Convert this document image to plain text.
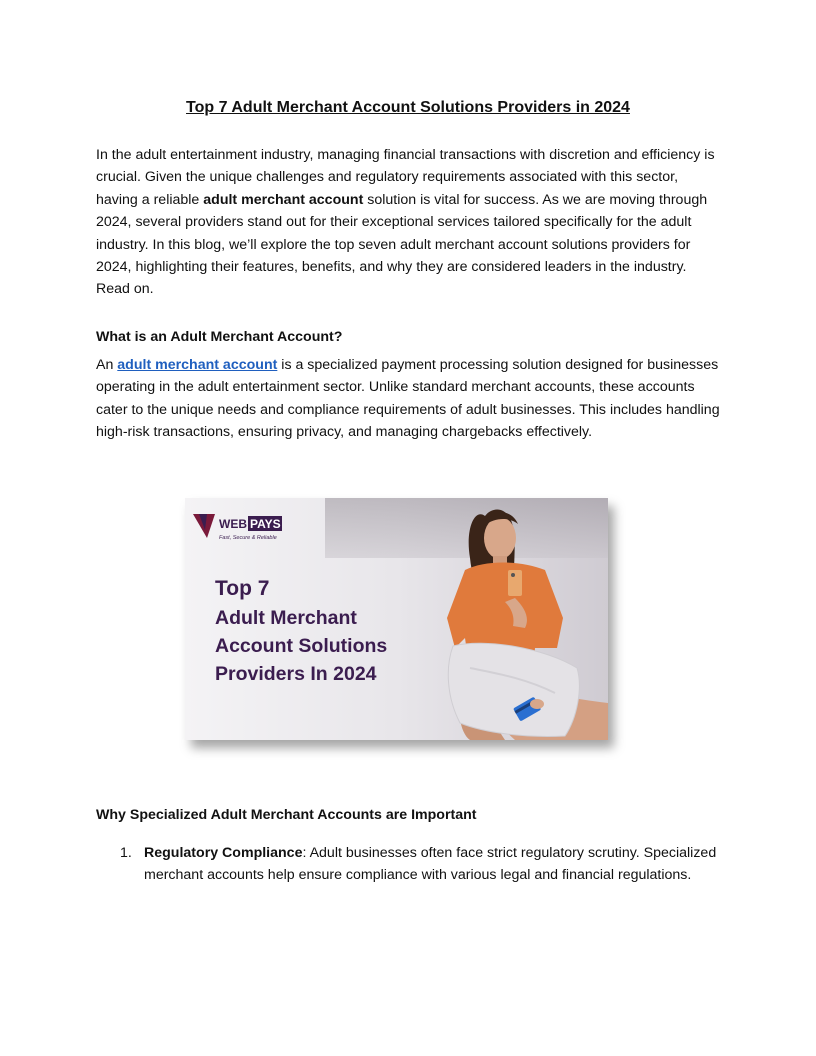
Top 7 Adult Merchant Account Solutions Providers in 2024

In the adult entertainment industry, managing financial transactions with discretion and efficiency is crucial. Given the unique challenges and regulatory requirements associated with this sector, having a reliable adult merchant account solution is vital for success. As we are moving through 2024, several providers stand out for their exceptional services tailored specifically for the adult industry. In this blog, we’ll explore the top seven adult merchant account solutions providers for 2024, highlighting their features, benefits, and why they are considered leaders in the industry. Read on.

What is an Adult Merchant Account?

An adult merchant account is a specialized payment processing solution designed for businesses operating in the adult entertainment sector. Unlike standard merchant accounts, these accounts cater to the unique needs and compliance requirements of adult businesses. This includes handling high-risk transactions, ensuring privacy, and managing chargebacks effectively.

WEB PAYS
Fast, Secure & Reliable
Top 7
Adult Merchant
Account Solutions
Providers In 2024
Why Specialized Adult Merchant Accounts are Important
1. Regulatory Compliance: Adult businesses often face strict regulatory scrutiny. Specialized merchant accounts help ensure compliance with various legal and financial regulations.
